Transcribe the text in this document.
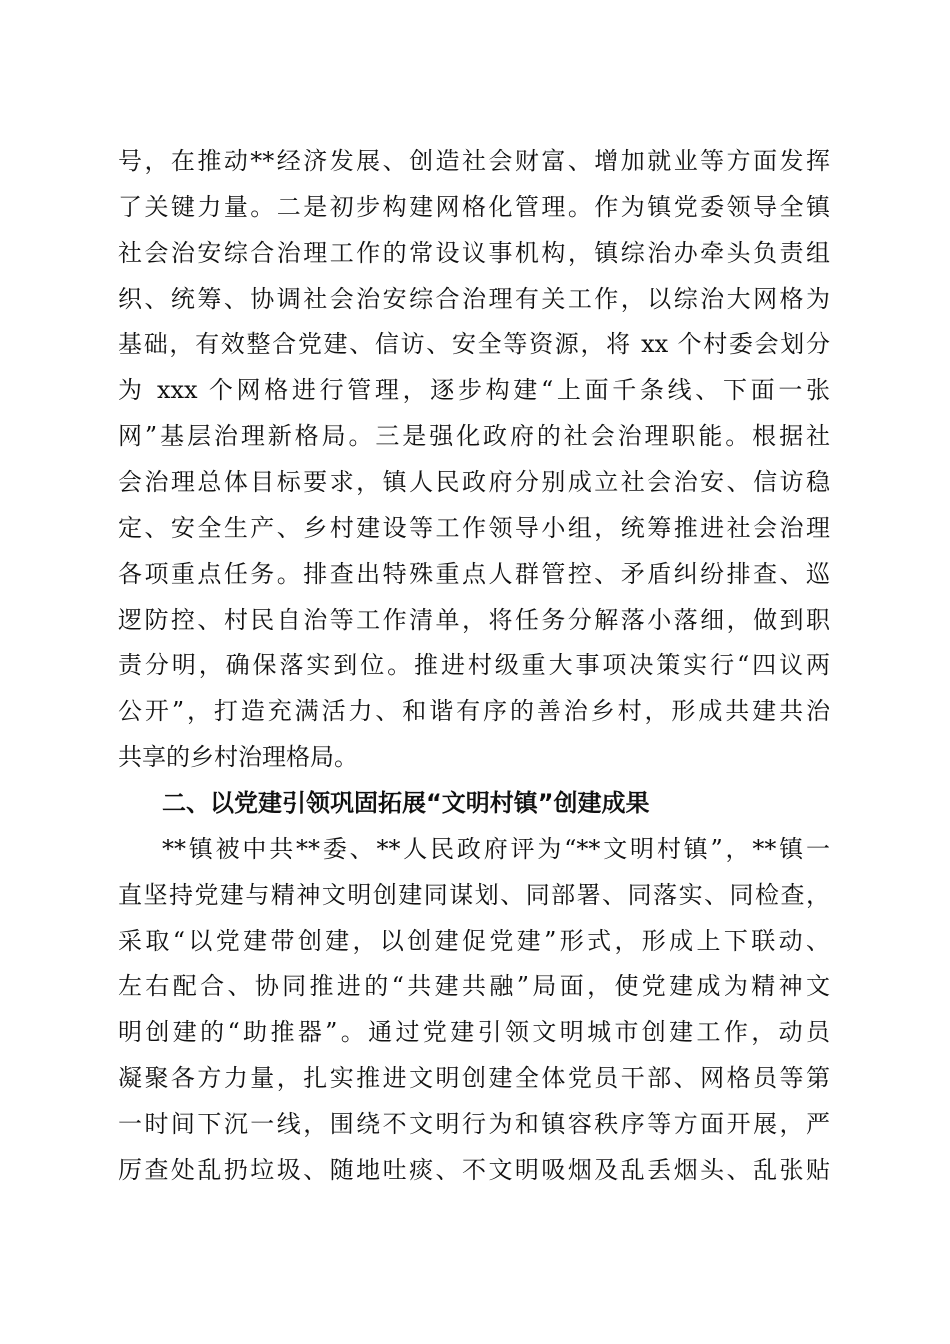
号，在推动**经济发展、创造社会财富、增加就业等方面发挥
了关键力量。二是初步构建网格化管理。作为镇党委领导全镇
社会治安综合治理工作的常设议事机构，镇综治办牵头负责组
织、统筹、协调社会治安综合治理有关工作，以综治大网格为
基础，有效整合党建、信访、安全等资源，将 xx 个村委会划分
为 xxx 个网格进行管理，逐步构建“上面千条线、下面一张
网”基层治理新格局。三是强化政府的社会治理职能。根据社
会治理总体目标要求，镇人民政府分别成立社会治安、信访稳
定、安全生产、乡村建设等工作领导小组，统筹推进社会治理
各项重点任务。排查出特殊重点人群管控、矛盾纠纷排查、巡
逻防控、村民自治等工作清单，将任务分解落小落细，做到职
责分明，确保落实到位。推进村级重大事项决策实行“四议两
公开”，打造充满活力、和谐有序的善治乡村，形成共建共治
共享的乡村治理格局。
二、以党建引领巩固拓展“文明村镇”创建成果
**镇被中共**委、**人民政府评为“**文明村镇”，**镇一
直坚持党建与精神文明创建同谋划、同部署、同落实、同检查，
采取“以党建带创建，以创建促党建”形式，形成上下联动、
左右配合、协同推进的“共建共融”局面，使党建成为精神文
明创建的“助推器”。通过党建引领文明城市创建工作，动员
凝聚各方力量，扎实推进文明创建全体党员干部、网格员等第
一时间下沉一线，围绕不文明行为和镇容秩序等方面开展，严
厉查处乱扔垃圾、随地吐痰、不文明吸烟及乱丢烟头、乱张贴
